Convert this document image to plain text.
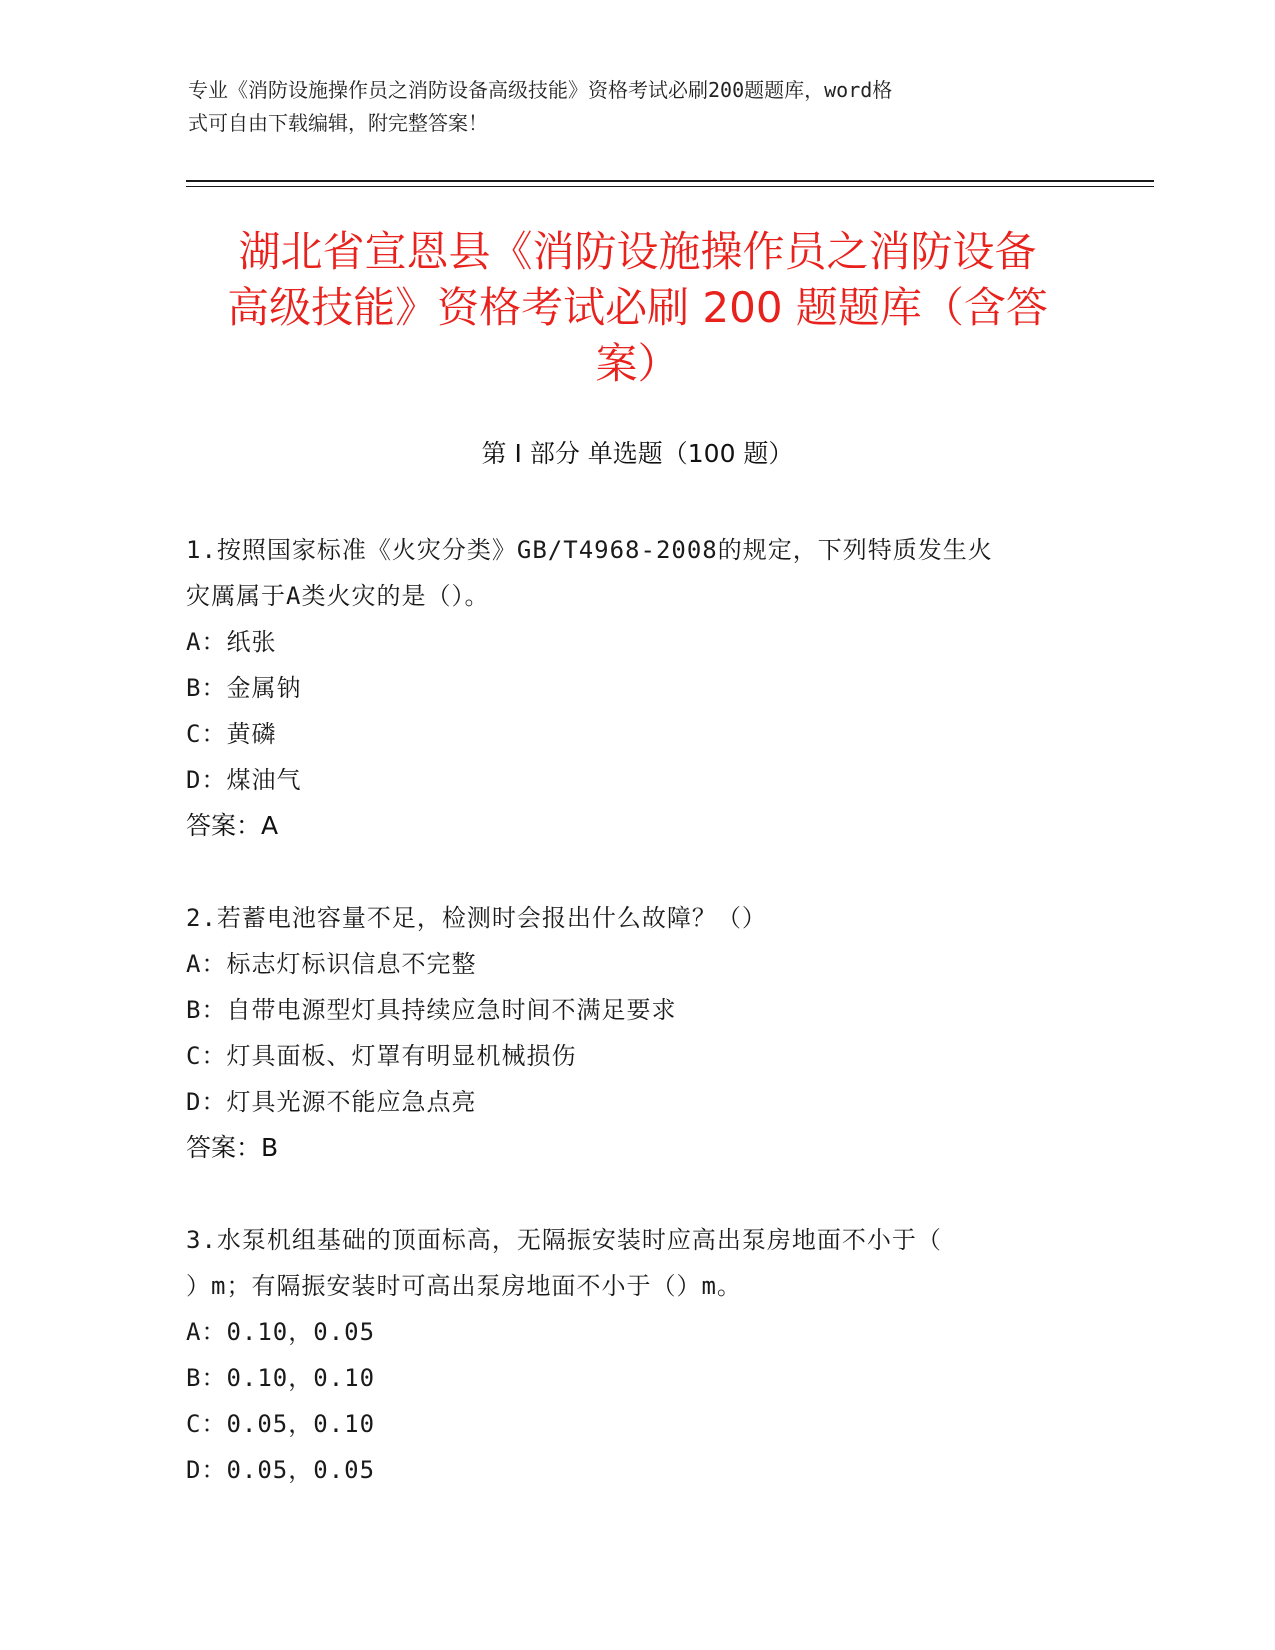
专业《消防设施操作员之消防设备高级技能》资格考试必刷200题题库，word格
式可自由下载编辑，附完整答案！
湖北省宣恩县《消防设施操作员之消防设备
高级技能》资格考试必刷 200 题题库（含答
案）
第 I 部分 单选题（100 题）
1.按照国家标准《火灾分类》GB/T4968-2008的规定，下列特质发生火
灾厲属于A类火灾的是（）。
A：纸张
B：金属钠
C：黄磷
D：煤油气
答案：A
2.若蓄电池容量不足，检测时会报出什么故障？（）
A：标志灯标识信息不完整
B：自带电源型灯具持续应急时间不满足要求
C：灯具面板、灯罩有明显机械损伤
D：灯具光源不能应急点亮
答案：B
3.水泵机组基础的顶面标高，无隔振安装时应高出泵房地面不小于（
）m；有隔振安装时可高出泵房地面不小于（）m。
A：0.10，0.05
B：0.10，0.10
C：0.05，0.10
D：0.05，0.05
